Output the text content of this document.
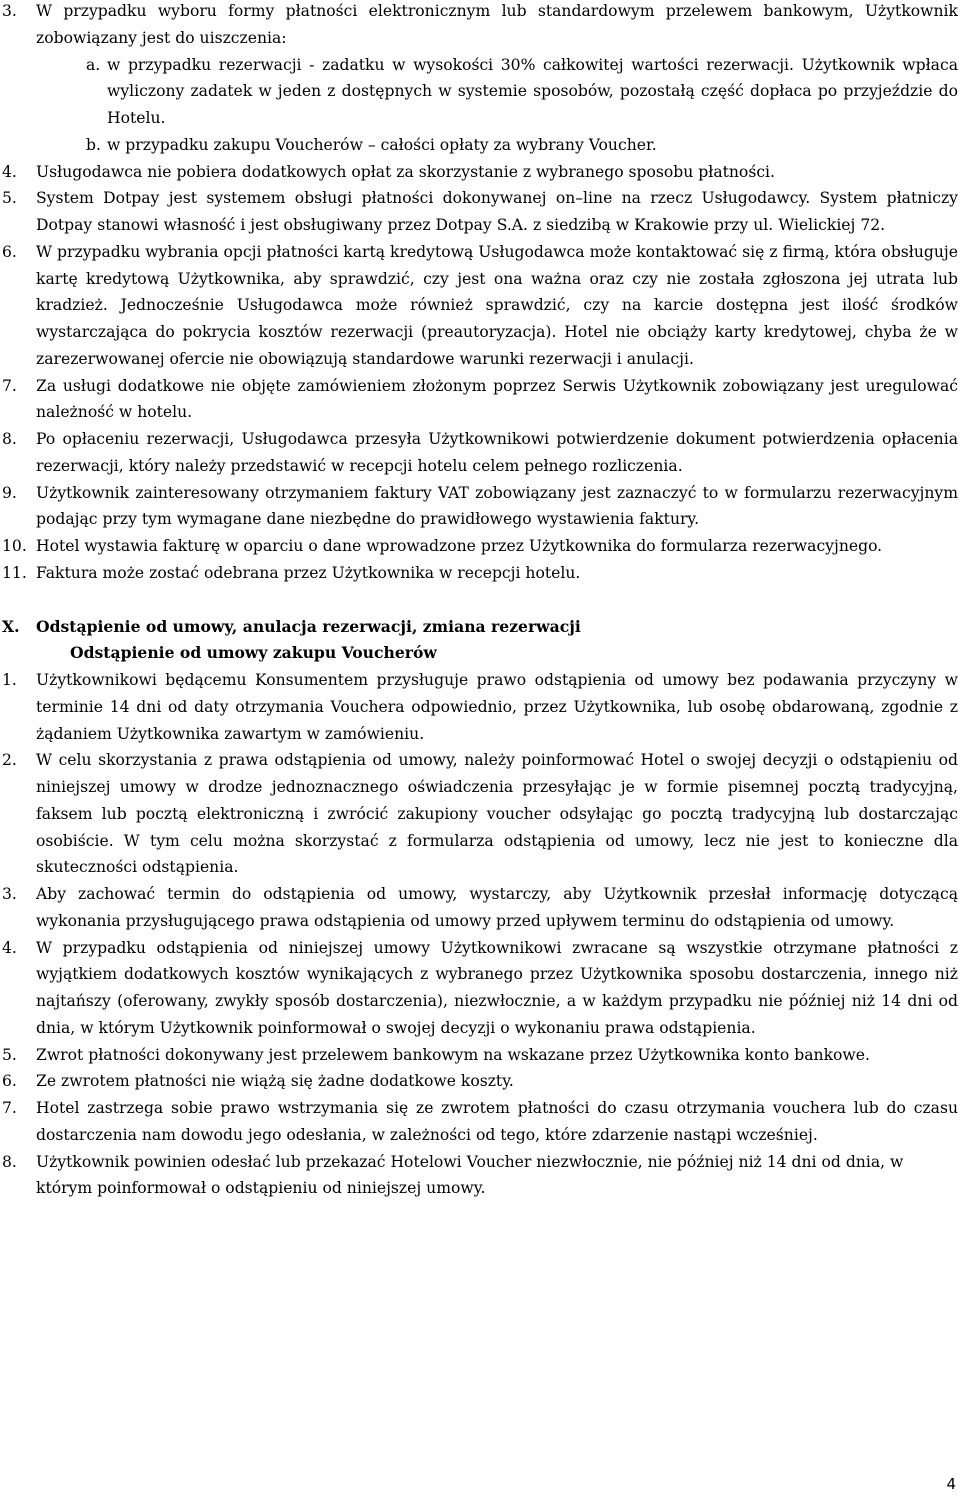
3. W przypadku wyboru formy płatności elektronicznym lub standardowym przelewem bankowym, Użytkownik zobowiązany jest do uiszczenia:
a. w przypadku rezerwacji - zadatku w wysokości 30% całkowitej wartości rezerwacji. Użytkownik wpłaca wyliczony zadatek w jeden z dostępnych w systemie sposobów, pozostałą część dopłaca po przyjeździe do Hotelu.
b. w przypadku zakupu Voucherów – całości opłaty za wybrany Voucher.
4. Usługodawca nie pobiera dodatkowych opłat za skorzystanie z wybranego sposobu płatności.
5. System Dotpay jest systemem obsługi płatności dokonywanej on–line na rzecz Usługodawcy. System płatniczy Dotpay stanowi własność i jest obsługiwany przez Dotpay S.A. z siedzibą w Krakowie przy ul. Wielickiej 72.
6. W przypadku wybrania opcji płatności kartą kredytową Usługodawca może kontaktować się z firmą, która obsługuje kartę kredytową Użytkownika, aby sprawdzić, czy jest ona ważna oraz czy nie została zgłoszona jej utrata lub kradzież. Jednocześnie Usługodawca może również sprawdzić, czy na karcie dostępna jest ilość środków wystarczająca do pokrycia kosztów rezerwacji (preautoryzacja). Hotel nie obciąży karty kredytowej, chyba że w zarezerwowanej ofercie nie obowiązują standardowe warunki rezerwacji i anulacji.
7. Za usługi dodatkowe nie objęte zamówieniem złożonym poprzez Serwis Użytkownik zobowiązany jest uregulować należność w hotelu.
8. Po opłaceniu rezerwacji, Usługodawca przesyła Użytkownikowi potwierdzenie dokument potwierdzenia opłacenia rezerwacji, który należy przedstawić w recepcji hotelu celem pełnego rozliczenia.
9. Użytkownik zainteresowany otrzymaniem faktury VAT zobowiązany jest zaznaczyć to w formularzu rezerwacyjnym podając przy tym wymagane dane niezbędne do prawidłowego wystawienia faktury.
10. Hotel wystawia fakturę w oparciu o dane wprowadzone przez Użytkownika do formularza rezerwacyjnego.
11. Faktura może zostać odebrana przez Użytkownika w recepcji hotelu.
X. Odstąpienie od umowy, anulacja rezerwacji, zmiana rezerwacji
Odstąpienie od umowy zakupu Voucherów
1. Użytkownikowi będącemu Konsumentem przysługuje prawo odstąpienia od umowy bez podawania przyczyny w terminie 14 dni od daty otrzymania Vouchera odpowiednio, przez Użytkownika, lub osobę obdarowaną, zgodnie z żądaniem Użytkownika zawartym w zamówieniu.
2. W celu skorzystania z prawa odstąpienia od umowy, należy poinformować Hotel o swojej decyzji o odstąpieniu od niniejszej umowy w drodze jednoznacznego oświadczenia przesyłając je w formie pisemnej pocztą tradycyjną, faksem lub pocztą elektroniczną i zwrócić zakupiony voucher odsyłając go pocztą tradycyjną lub dostarczając osobiście. W tym celu można skorzystać z formularza odstąpienia od umowy, lecz nie jest to konieczne dla skuteczności odstąpienia.
3. Aby zachować termin do odstąpienia od umowy, wystarczy, aby Użytkownik przesłał informację dotyczącą wykonania przysługującego prawa odstąpienia od umowy przed upływem terminu do odstąpienia od umowy.
4. W przypadku odstąpienia od niniejszej umowy Użytkownikowi zwracane są wszystkie otrzymane płatności z wyjątkiem dodatkowych kosztów wynikających z wybranego przez Użytkownika sposobu dostarczenia, innego niż najtańszy (oferowany, zwykły sposób dostarczenia), niezwłocznie, a w każdym przypadku nie później niż 14 dni od dnia, w którym Użytkownik poinformował o swojej decyzji o wykonaniu prawa odstąpienia.
5. Zwrot płatności dokonywany jest przelewem bankowym na wskazane przez Użytkownika konto bankowe.
6. Ze zwrotem płatności nie wiążą się żadne dodatkowe koszty.
7. Hotel zastrzega sobie prawo wstrzymania się ze zwrotem płatności do czasu otrzymania vouchera lub do czasu dostarczenia nam dowodu jego odesłania, w zależności od tego, które zdarzenie nastąpi wcześniej.
8. Użytkownik powinien odesłać lub przekazać Hotelowi Voucher niezwłocznie, nie później niż 14 dni od dnia, w którym poinformował o odstąpieniu od niniejszej umowy.
4
